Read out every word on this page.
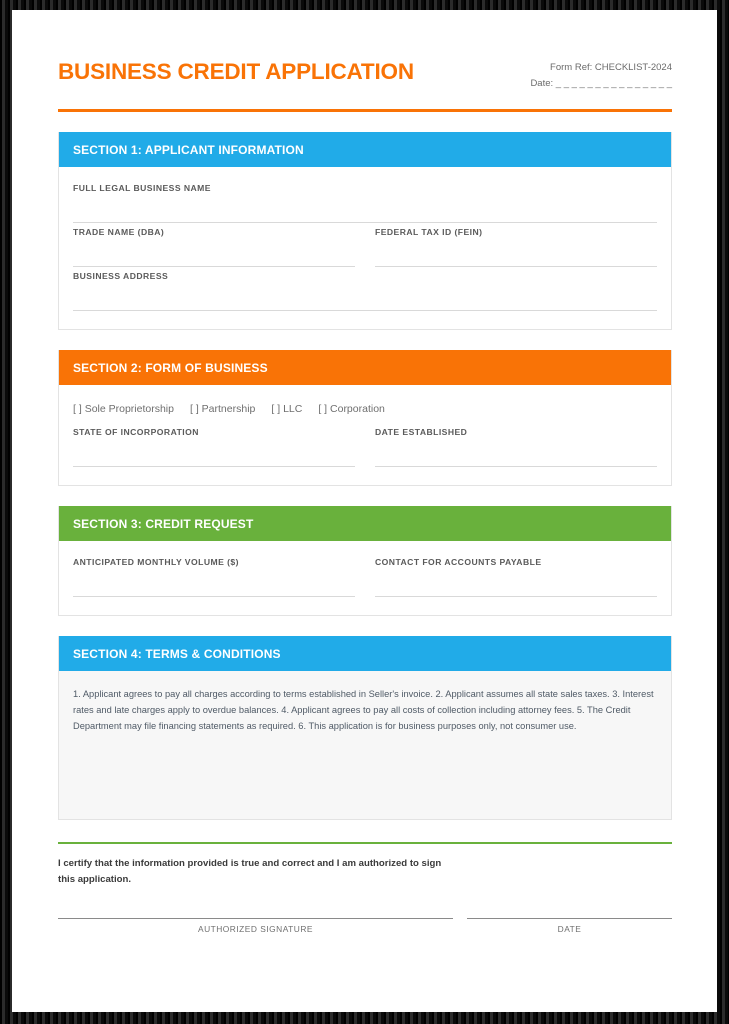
BUSINESS CREDIT APPLICATION	Form Ref: CHECKLIST-2024
Date: _ _ _ _ _ _ _ _ _ _ _ _ _ _ _
SECTION 1: APPLICANT INFORMATION
FULL LEGAL BUSINESS NAME
TRADE NAME (DBA)	FEDERAL TAX ID (FEIN)
BUSINESS ADDRESS
SECTION 2: FORM OF BUSINESS
[ ] Sole Proprietorship [ ] Partnership [ ] LLC [ ] Corporation
STATE OF INCORPORATION	DATE ESTABLISHED
SECTION 3: CREDIT REQUEST
ANTICIPATED MONTHLY VOLUME ($)	CONTACT FOR ACCOUNTS PAYABLE
SECTION 4: TERMS & CONDITIONS
1. Applicant agrees to pay all charges according to terms established in Seller's invoice. 2. Applicant assumes all state sales taxes. 3. Interest rates and late charges apply to overdue balances. 4. Applicant agrees to pay all costs of collection including attorney fees. 5. The Credit Department may file financing statements as required. 6. This application is for business purposes only, not consumer use.
I certify that the information provided is true and correct and I am authorized to sign this application.
AUTHORIZED SIGNATURE	DATE
